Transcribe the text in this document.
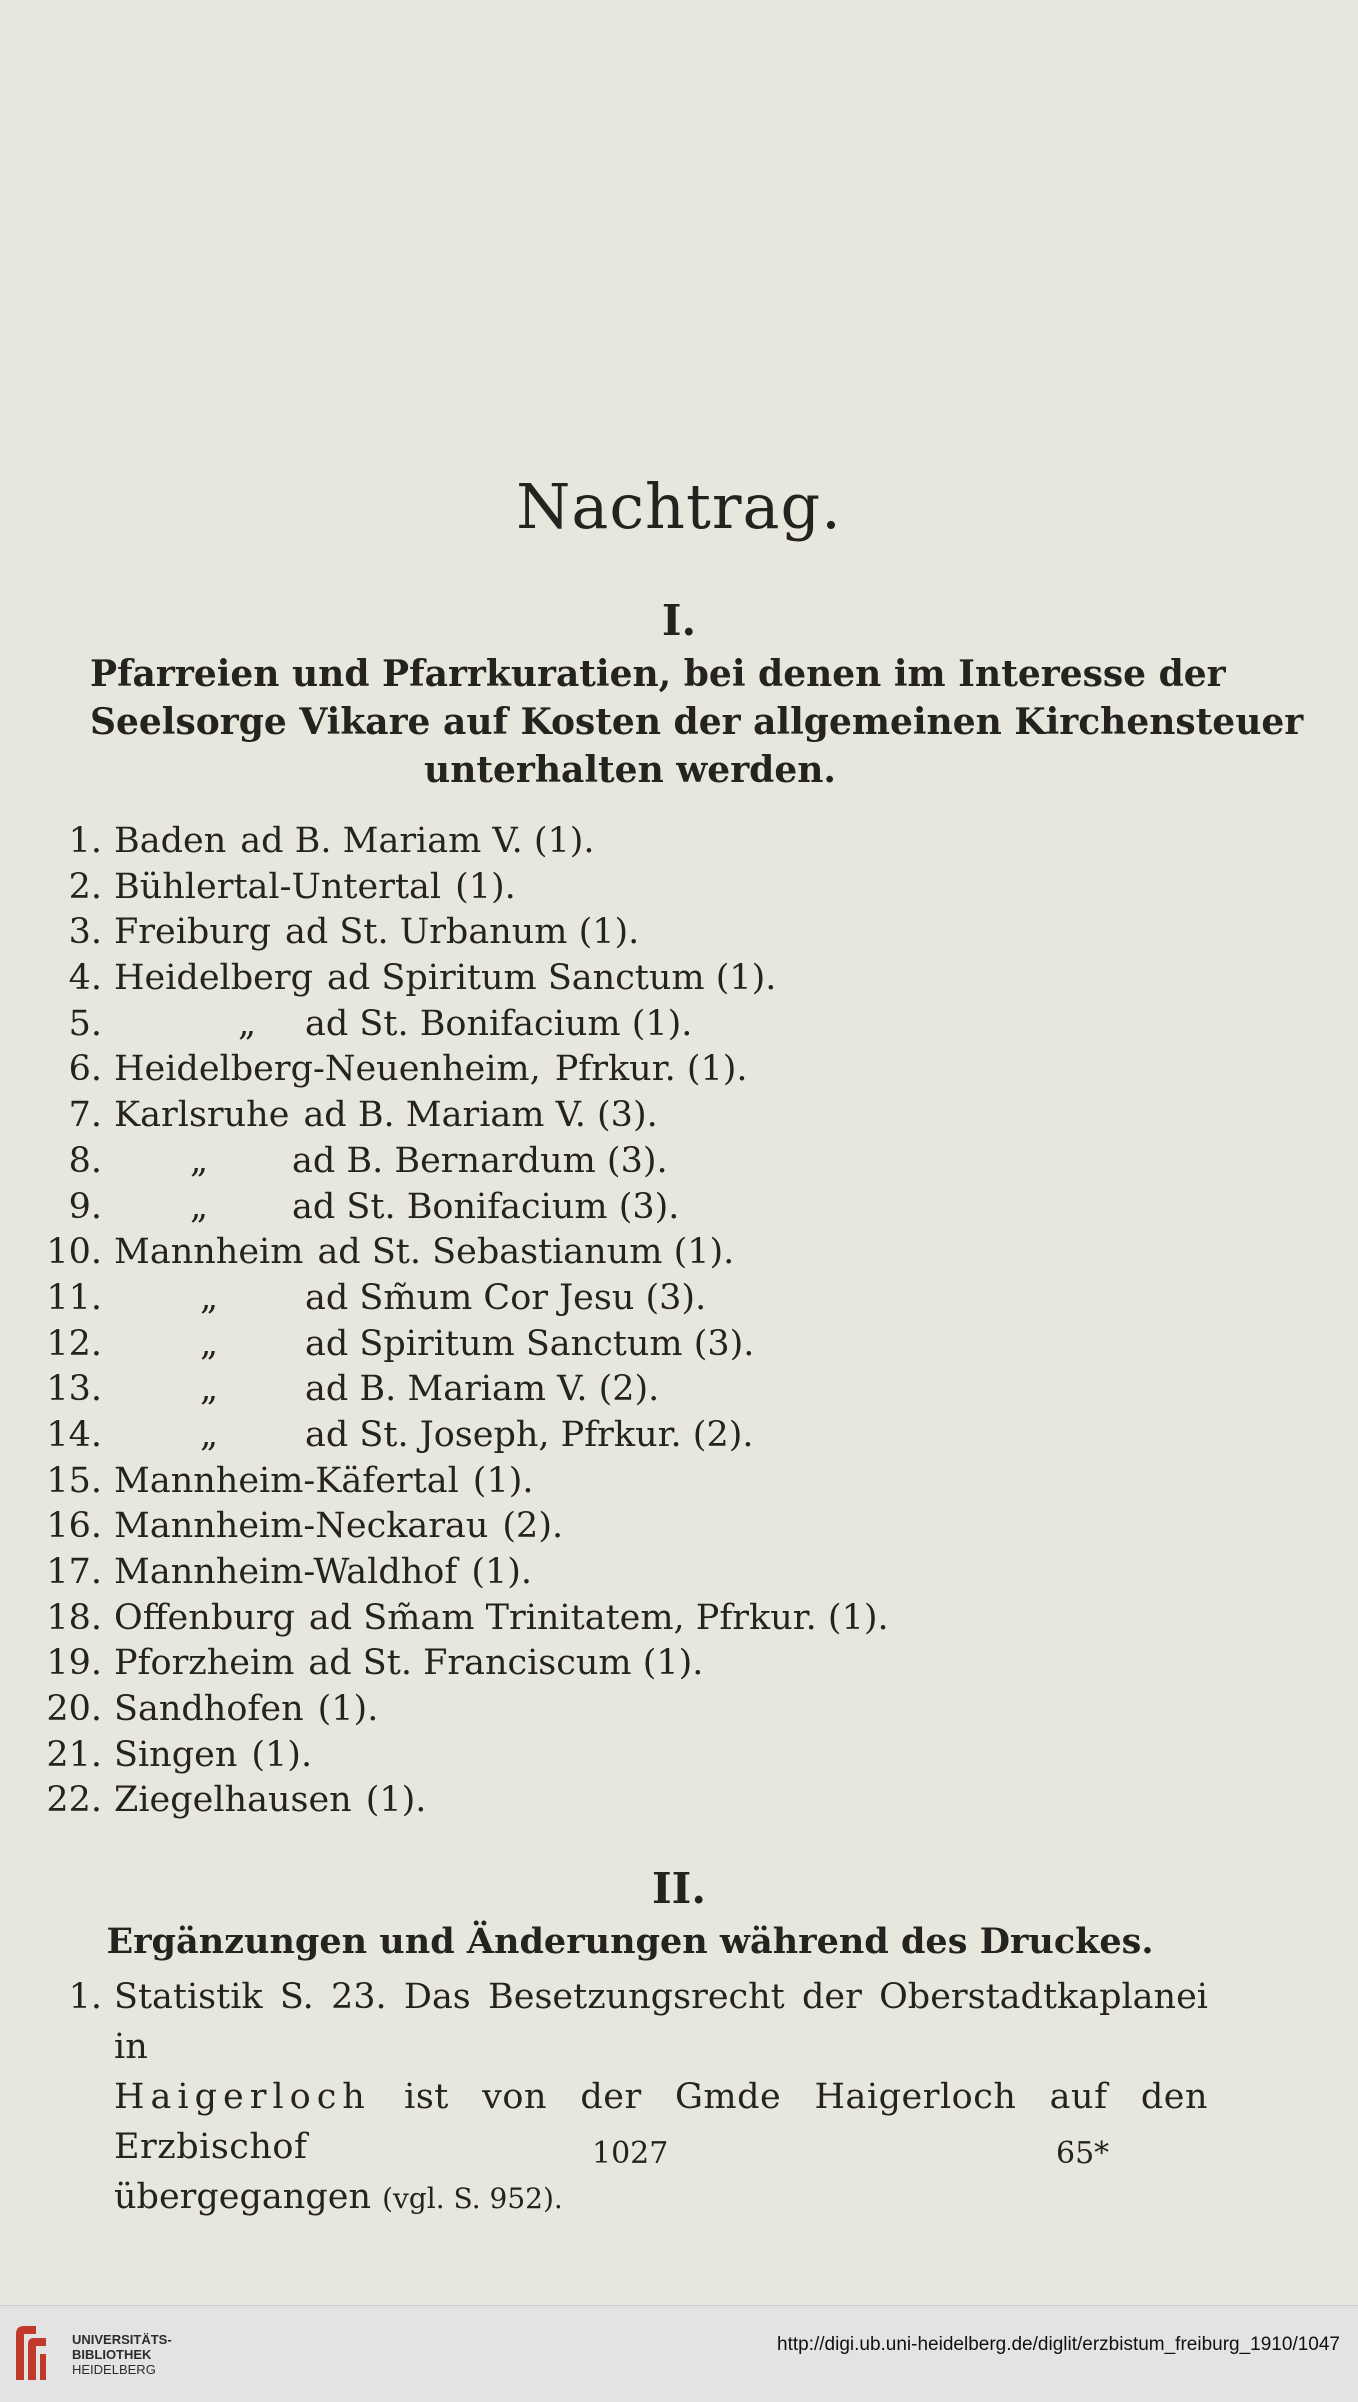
Nachtrag.
I.
Pfarreien und Pfarrkuratien, bei denen im Interesse der
Seelsorge Vikare auf Kosten der allgemeinen Kirchensteuer
unterhalten werden.
1. Baden ad B. Mariam V. (1).
2. Bühlertal-Untertal (1).
3. Freiburg ad St. Urbanum (1).
4. Heidelberg ad Spiritum Sanctum (1).
5.	„ ad St. Bonifacium (1).
6. Heidelberg-Neuenheim, Pfrkur. (1).
7. Karlsruhe ad B. Mariam V. (3).
8.	„ ad B. Bernardum (3).
9.	„ ad St. Bonifacium (3).
10. Mannheim ad St. Sebastianum (1).
11.	„ ad Sm̃um Cor Jesu (3).
12.	„ ad Spiritum Sanctum (3).
13.	„ ad B. Mariam V. (2).
14.	„ ad St. Joseph, Pfrkur. (2).
15. Mannheim-Käfertal (1).
16. Mannheim-Neckarau (2).
17. Mannheim-Waldhof (1).
18. Offenburg ad Sm̃am Trinitatem, Pfrkur. (1).
19. Pforzheim ad St. Franciscum (1).
20. Sandhofen (1).
21. Singen (1).
22. Ziegelhausen (1).
II.
Ergänzungen und Änderungen während des Druckes.
1. Statistik S. 23. Das Besetzungsrecht der Oberstadtkaplanei in
Haigerloch ist von der Gmde Haigerloch auf den Erzbischof
übergegangen (vgl. S. 952).
1027	65*
UNIVERSITÄTS-
BIBLIOTHEK
HEIDELBERG
http://digi.ub.uni-heidelberg.de/diglit/erzbistum_freiburg_1910/1047
